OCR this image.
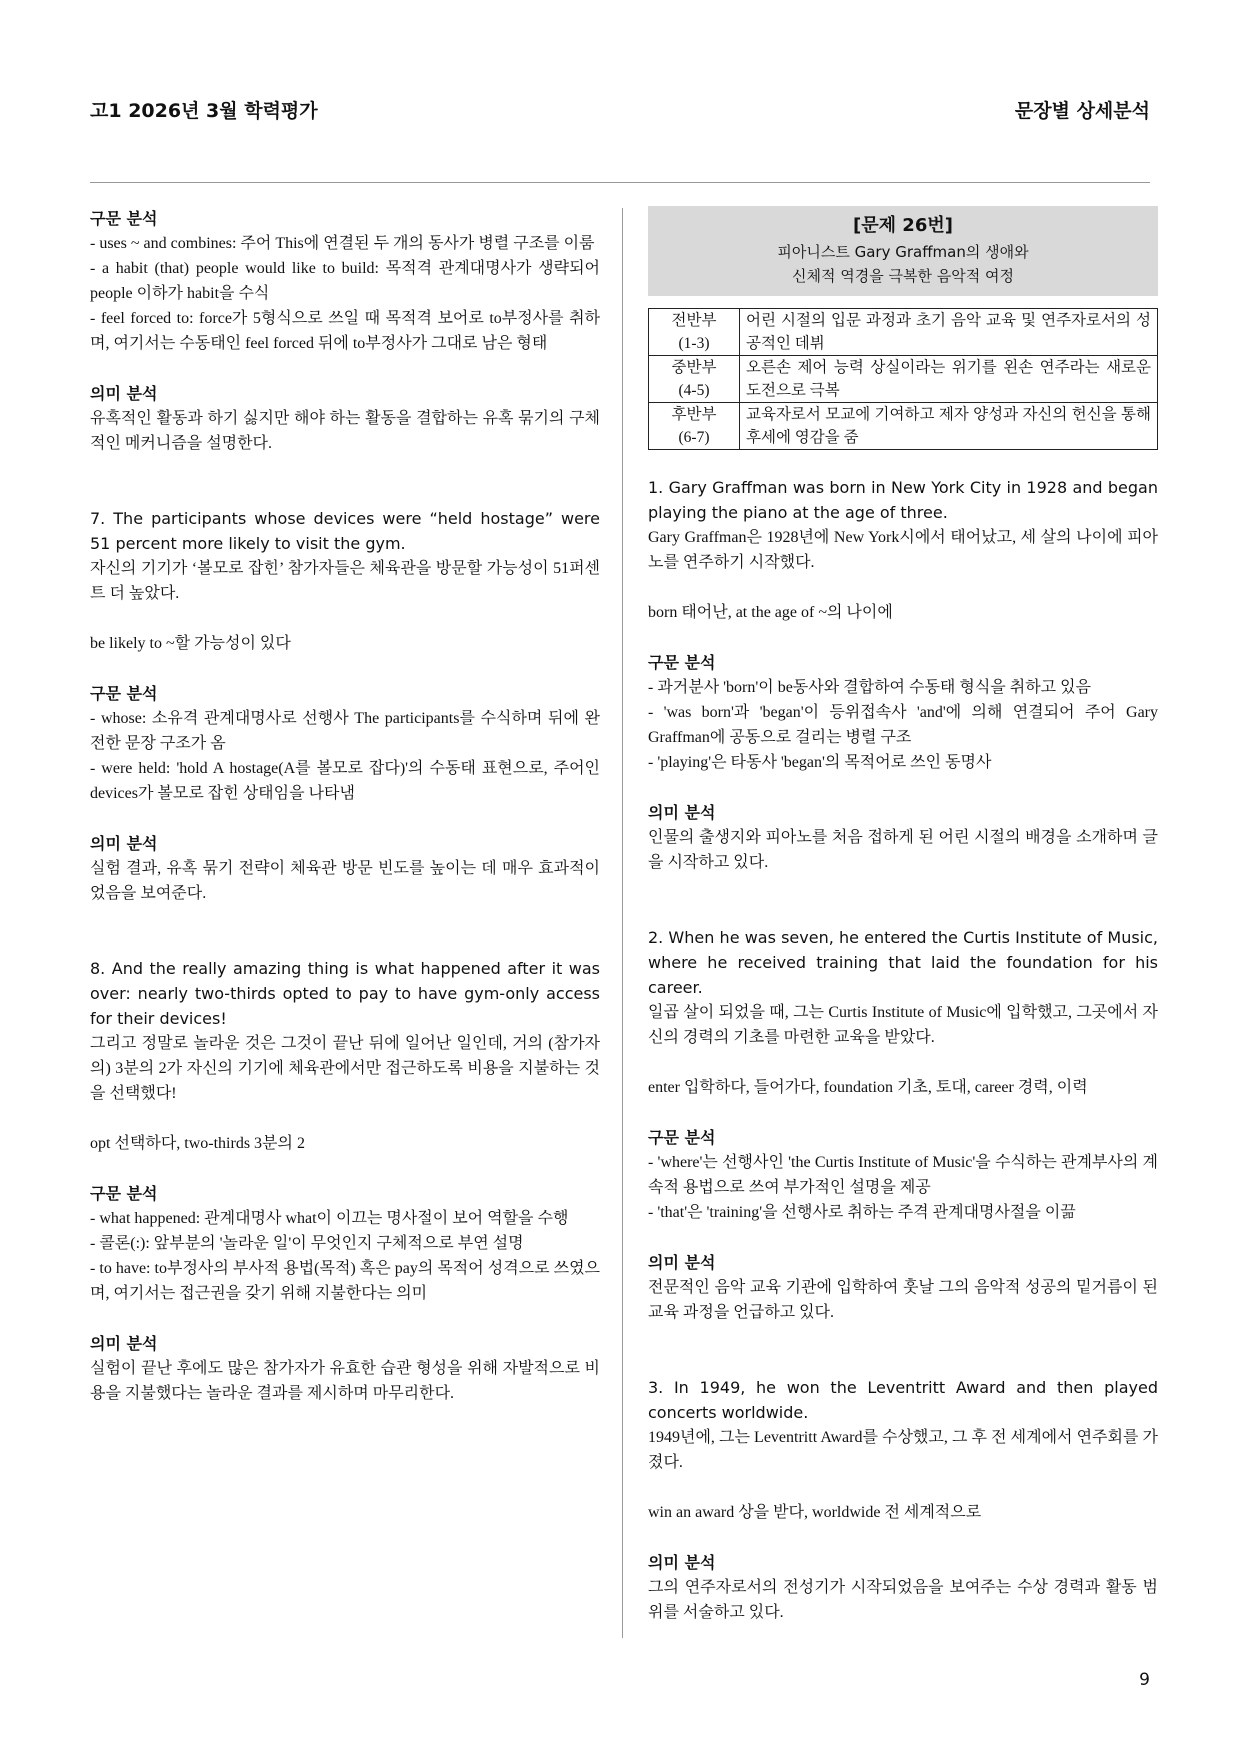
고1 2026년 3월 학력평가	문장별 상세분석
구문 분석
- uses ~ and combines: 주어 This에 연결된 두 개의 동사가 병렬 구조를 이룸
- a habit (that) people would like to build: 목적격 관계대명사가 생략되어 people 이하가 habit을 수식
- feel forced to: force가 5형식으로 쓰일 때 목적격 보어로 to부정사를 취하며, 여기서는 수동태인 feel forced 뒤에 to부정사가 그대로 남은 형태
의미 분석
유혹적인 활동과 하기 싫지만 해야 하는 활동을 결합하는 유혹 묶기의 구체적인 메커니즘을 설명한다.
7. The participants whose devices were “held hostage” were 51 percent more likely to visit the gym.
자신의 기기가 ‘볼모로 잡힌’ 참가자들은 체육관을 방문할 가능성이 51퍼센트 더 높았다.
be likely to ~할 가능성이 있다
구문 분석
- whose: 소유격 관계대명사로 선행사 The participants를 수식하며 뒤에 완전한 문장 구조가 옴
- were held: 'hold A hostage(A를 볼모로 잡다)'의 수동태 표현으로, 주어인 devices가 볼모로 잡힌 상태임을 나타냄
의미 분석
실험 결과, 유혹 묶기 전략이 체육관 방문 빈도를 높이는 데 매우 효과적이었음을 보여준다.
8. And the really amazing thing is what happened after it was over: nearly two-thirds opted to pay to have gym-only access for their devices!
그리고 정말로 놀라운 것은 그것이 끝난 뒤에 일어난 일인데, 거의 (참가자의) 3분의 2가 자신의 기기에 체육관에서만 접근하도록 비용을 지불하는 것을 선택했다!
opt 선택하다, two-thirds 3분의 2
구문 분석
- what happened: 관계대명사 what이 이끄는 명사절이 보어 역할을 수행
- 콜론(:): 앞부분의 '놀라운 일'이 무엇인지 구체적으로 부연 설명
- to have: to부정사의 부사적 용법(목적) 혹은 pay의 목적어 성격으로 쓰였으며, 여기서는 접근권을 갖기 위해 지불한다는 의미
의미 분석
실험이 끝난 후에도 많은 참가자가 유효한 습관 형성을 위해 자발적으로 비용을 지불했다는 놀라운 결과를 제시하며 마무리한다.
[문제 26번]
피아니스트 Gary Graffman의 생애와
신체적 역경을 극복한 음악적 여정
전반부
(1-3)	어린 시절의 입문 과정과 초기 음악 교육 및 연주자로서의 성공적인 데뷔

중반부
(4-5)	오른손 제어 능력 상실이라는 위기를 왼손 연주라는 새로운 도전으로 극복

후반부
(6-7)	교육자로서 모교에 기여하고 제자 양성과 자신의 헌신을 통해 후세에 영감을 줌
1. Gary Graffman was born in New York City in 1928 and began playing the piano at the age of three.
Gary Graffman은 1928년에 New York시에서 태어났고, 세 살의 나이에 피아노를 연주하기 시작했다.
born 태어난, at the age of ~의 나이에
구문 분석
- 과거분사 'born'이 be동사와 결합하여 수동태 형식을 취하고 있음
- 'was born'과 'began'이 등위접속사 'and'에 의해 연결되어 주어 Gary Graffman에 공동으로 걸리는 병렬 구조
- 'playing'은 타동사 'began'의 목적어로 쓰인 동명사
의미 분석
인물의 출생지와 피아노를 처음 접하게 된 어린 시절의 배경을 소개하며 글을 시작하고 있다.
2. When he was seven, he entered the Curtis Institute of Music, where he received training that laid the foundation for his career.
일곱 살이 되었을 때, 그는 Curtis Institute of Music에 입학했고, 그곳에서 자신의 경력의 기초를 마련한 교육을 받았다.
enter 입학하다, 들어가다, foundation 기초, 토대, career 경력, 이력
구문 분석
- 'where'는 선행사인 'the Curtis Institute of Music'을 수식하는 관계부사의 계속적 용법으로 쓰여 부가적인 설명을 제공
- 'that'은 'training'을 선행사로 취하는 주격 관계대명사절을 이끎
의미 분석
전문적인 음악 교육 기관에 입학하여 훗날 그의 음악적 성공의 밑거름이 된 교육 과정을 언급하고 있다.
3. In 1949, he won the Leventritt Award and then played concerts worldwide.
1949년에, 그는 Leventritt Award를 수상했고, 그 후 전 세계에서 연주회를 가졌다.
win an award 상을 받다, worldwide 전 세계적으로
의미 분석
그의 연주자로서의 전성기가 시작되었음을 보여주는 수상 경력과 활동 범위를 서술하고 있다.
9
